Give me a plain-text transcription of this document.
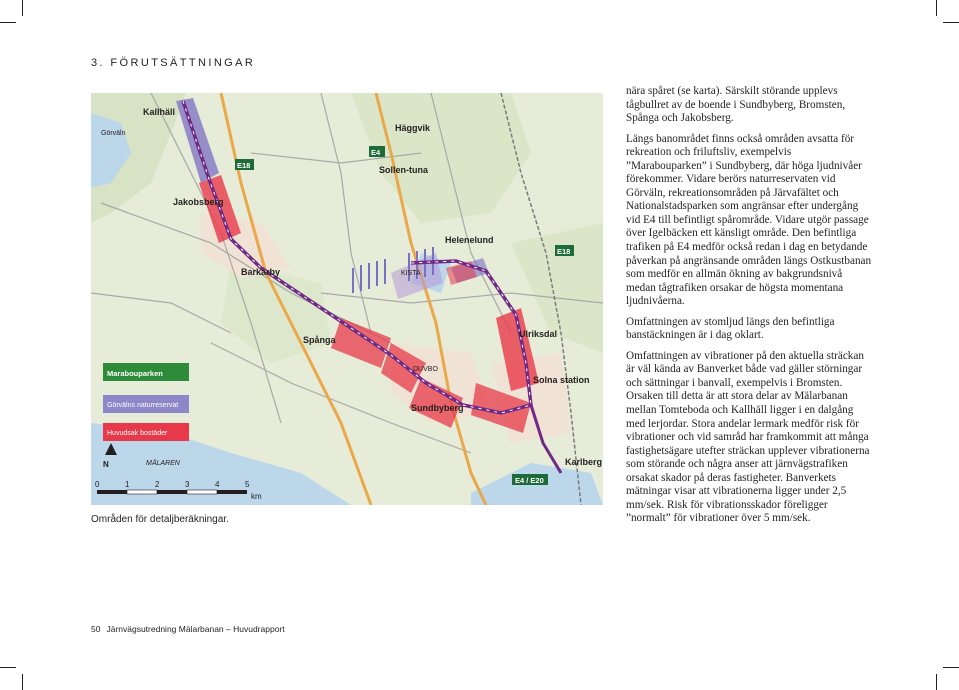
3. FÖRUTSÄTTNINGAR
Kallhäll
Jakobsberg
Barkarby
Spånga
Sundbyberg
Solna station
Ulriksdal
Helenelund
Sollen-tuna
Häggvik
Karlberg
MÄLAREN
Görväln
KISTA
DUVBO
E18
E4
E18
E4 / E20
Marabouparken
Görvälns naturreservat
Huvudsak bostäder
N
0	1	2	3	4	5
km
Områden för detaljberäkningar.

nära spåret (se karta). Särskilt störande upplevs tågbullret av de boende i Sundbyberg, Bromsten, Spånga och Jakobsberg.

Längs banområdet finns också områden avsatta för rekreation och friluftsliv, exempelvis ”Marabouparken” i Sundbyberg, där höga ljudnivåer förekommer. Vidare berörs naturreservaten vid Görväln, rekreationsområden på Järvafältet och Nationalstadsparken som angränsar efter undergång vid E4 till befintligt spårområde. Vidare utgör passage över Igelbäcken ett känsligt område. Den befintliga trafiken på E4 medför också redan i dag en betydande påverkan på angränsande områden längs Ostkustbanan som medför en allmän ökning av bakgrundsnivå medan tågtrafiken orsakar de högsta momentana ljudnivåerna.

Omfattningen av stomljud längs den befintliga banstäckningen är i dag oklart.

Omfattningen av vibrationer på den aktuella sträckan är väl kända av Banverket både vad gäller störningar och sättningar i banvall, exempelvis i Bromsten. Orsaken till detta är att stora delar av Mälarbanan mellan Tomteboda och Kallhäll ligger i en dalgång med lerjordar. Stora andelar lermark medför risk för vibrationer och vid samråd har framkommit att många fastighetsägare utefter sträckan upplever vibrationerna som störande och några anser att järnvägstrafiken orsakat skador på deras fastigheter. Banverkets mätningar visar att vibrationerna ligger under 2,5 mm/sek. Risk för vibrationsskador föreligger ”normalt” för vibrationer över 5 mm/sek.

50 Järnvägsutredning Mälarbanan – Huvudrapport
